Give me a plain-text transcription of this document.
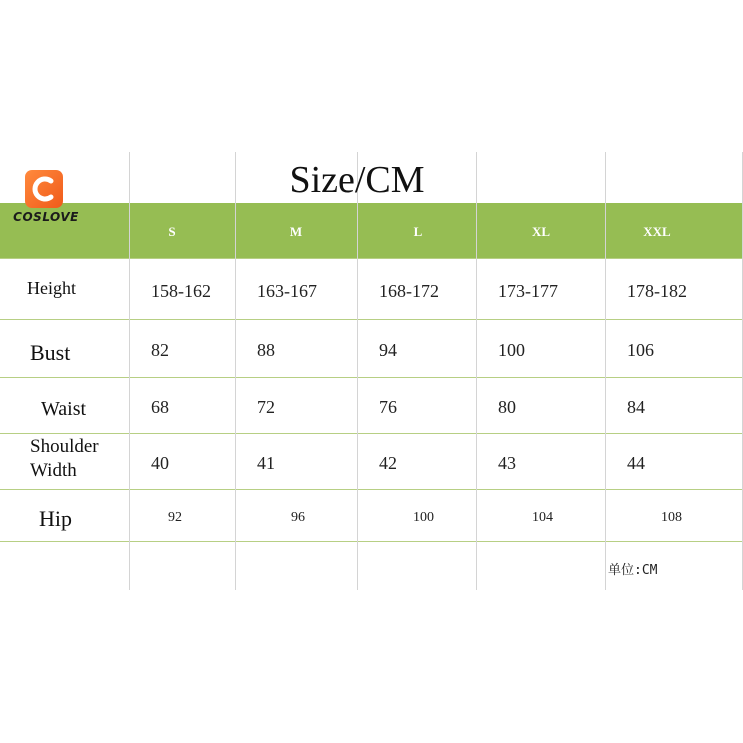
Size/CM
COSLOVE
S	M	L	XL	XXL
Height	158-162	163-167	168-172	173-177	178-182
Bust	82	88	94	100	106
Waist	68	72	76	80	84
Shoulder
Width	40	41	42	43	44
Hip	92	96	100	104	108
单位:CM
